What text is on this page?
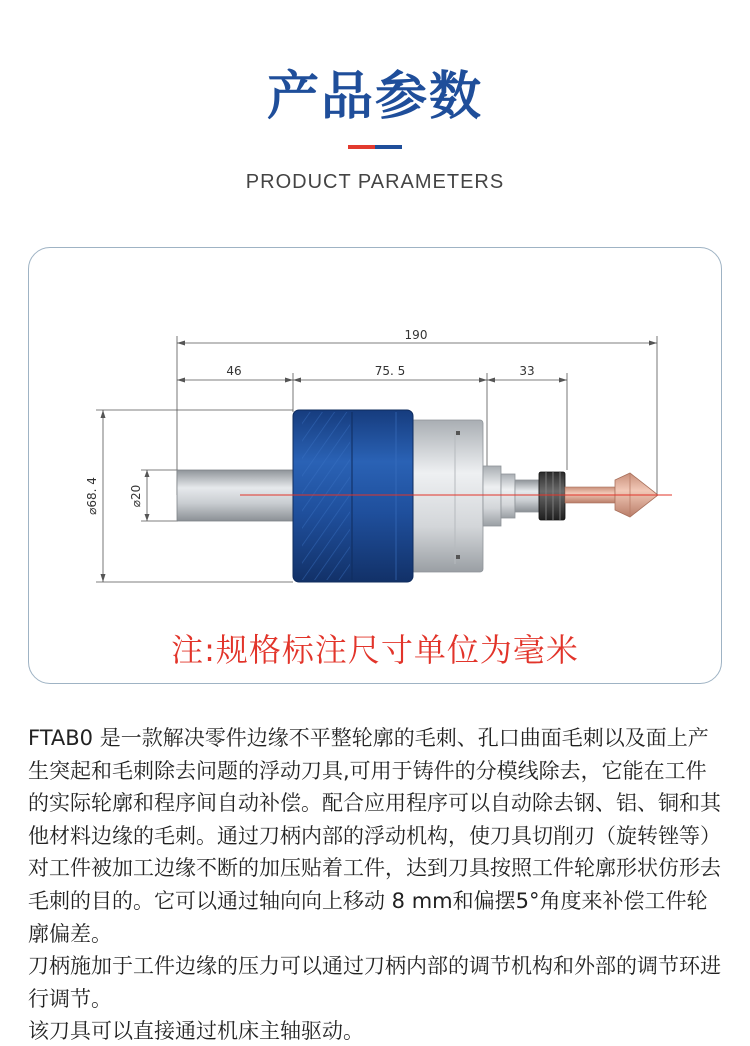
产品参数
PRODUCT PARAMETERS
190
46	75. 5	33
⌀68. 4	⌀20
注:规格标注尺寸单位为毫米

FTAB0 是一款解决零件边缘不平整轮廓的毛刺、孔口曲面毛刺以及面上产生突起和毛刺除去问题的浮动刀具,可用于铸件的分模线除去，它能在工件的实际轮廓和程序间自动补偿。配合应用程序可以自动除去钢、铝、铜和其他材料边缘的毛刺。通过刀柄内部的浮动机构，使刀具切削刃（旋转锉等）对工件被加工边缘不断的加压贴着工件，达到刀具按照工件轮廓形状仿形去毛刺的目的。它可以通过轴向向上移动 8 mm和偏摆5°角度来补偿工件轮廓偏差。

刀柄施加于工件边缘的压力可以通过刀柄内部的调节机构和外部的调节环进行调节。

该刀具可以直接通过机床主轴驱动。
